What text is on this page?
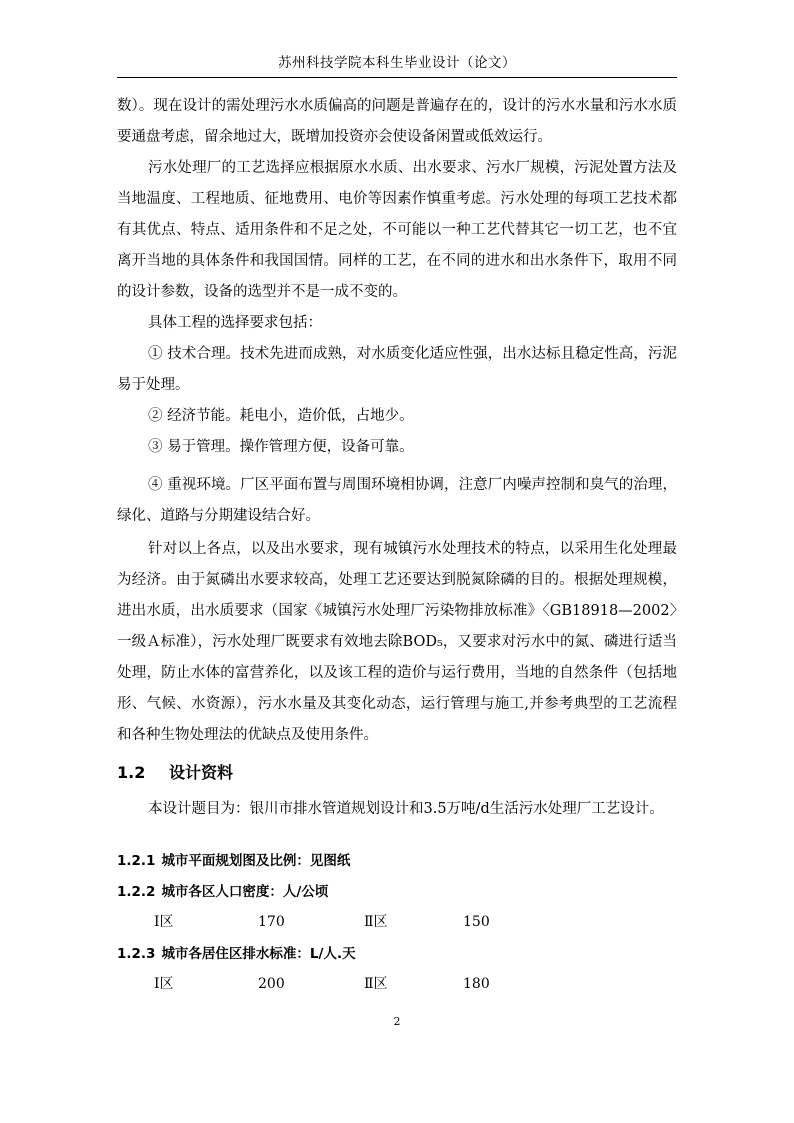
苏州科技学院本科生毕业设计（论文）
数）。现在设计的需处理污水水质偏高的问题是普遍存在的，设计的污水水量和污水水质要通盘考虑，留余地过大，既增加投资亦会使设备闲置或低效运行。
污水处理厂的工艺选择应根据原水水质、出水要求、污水厂规模，污泥处置方法及当地温度、工程地质、征地费用、电价等因素作慎重考虑。污水处理的每项工艺技术都有其优点、特点、适用条件和不足之处，不可能以一种工艺代替其它一切工艺，也不宜离开当地的具体条件和我国国情。同样的工艺，在不同的进水和出水条件下，取用不同的设计参数，设备的选型并不是一成不变的。
具体工程的选择要求包括：
① 技术合理。技术先进而成熟，对水质变化适应性强，出水达标且稳定性高，污泥易于处理。
② 经济节能。耗电小，造价低，占地少。
③ 易于管理。操作管理方便，设备可靠。
④ 重视环境。厂区平面布置与周围环境相协调，注意厂内噪声控制和臭气的治理，绿化、道路与分期建设结合好。
针对以上各点，以及出水要求，现有城镇污水处理技术的特点，以采用生化处理最为经济。由于氮磷出水要求较高，处理工艺还要达到脱氮除磷的目的。根据处理规模，进出水质，出水质要求（国家《城镇污水处理厂污染物排放标准》〈GB18918—2002〉一级Ａ标准），污水处理厂既要求有效地去除BOD₅，又要求对污水中的氮、磷进行适当处理，防止水体的富营养化，以及该工程的造价与运行费用，当地的自然条件（包括地形、气候、水资源），污水水量及其变化动态，运行管理与施工,并参考典型的工艺流程和各种生物处理法的优缺点及使用条件。
1.2 设计资料
本设计题目为：银川市排水管道规划设计和3.5万吨/d生活污水处理厂工艺设计。
1.2.1 城市平面规划图及比例：见图纸
1.2.2 城市各区人口密度：人/公顷
Ⅰ区	170	Ⅱ区	150
1.2.3 城市各居住区排水标准：L/人.天
Ⅰ区	200	Ⅱ区	180
2
